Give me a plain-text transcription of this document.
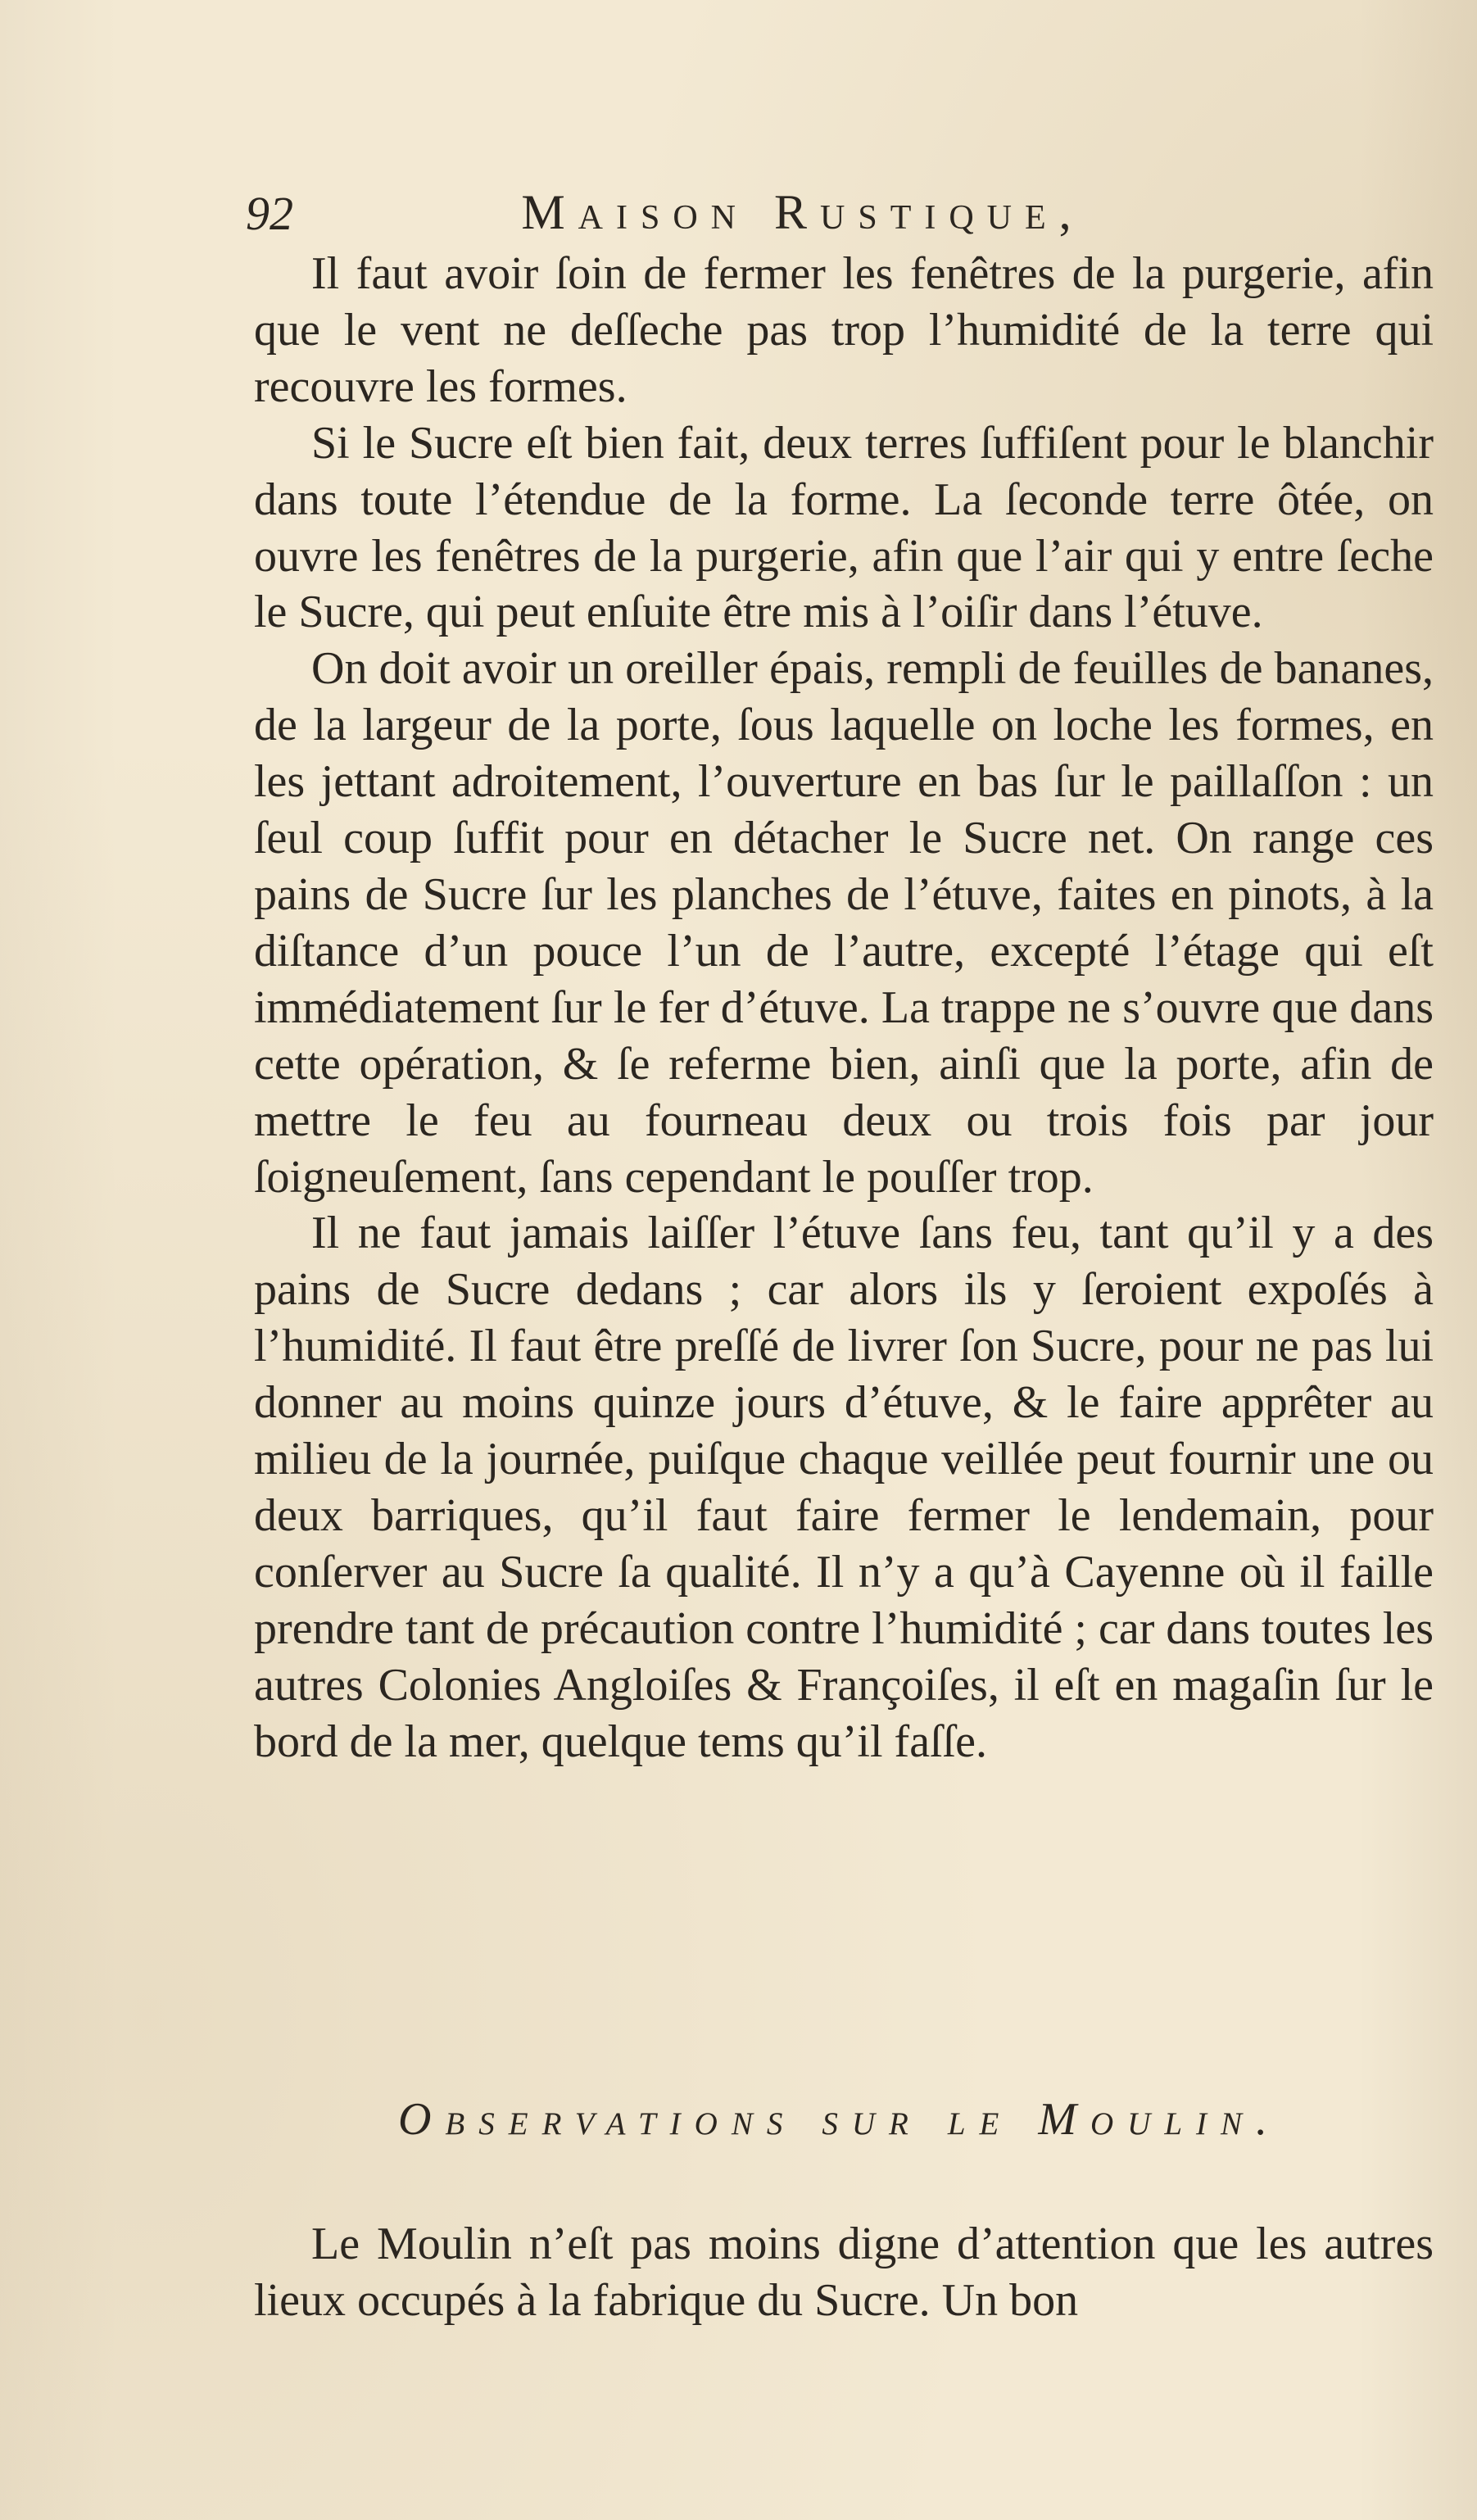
92	Maison Rustique,

Il faut avoir ſoin de fermer les fenêtres de la purgerie, afin que le vent ne deſſeche pas trop l’humidité de la terre qui recouvre les formes.

Si le Sucre eſt bien fait, deux terres ſuffiſent pour le blanchir dans toute l’étendue de la forme. La ſeconde terre ôtée, on ouvre les fenêtres de la purgerie, afin que l’air qui y entre ſeche le Sucre, qui peut enſuite être mis à l’oiſir dans l’étuve.

On doit avoir un oreiller épais, rempli de feuilles de bananes, de la largeur de la porte, ſous laquelle on loche les formes, en les jettant adroitement, l’ouverture en bas ſur le paillaſſon : un ſeul coup ſuffit pour en détacher le Sucre net. On range ces pains de Sucre ſur les planches de l’étuve, faites en pinots, à la diſtance d’un pouce l’un de l’autre, excepté l’étage qui eſt immédiatement ſur le fer d’étuve. La trappe ne s’ouvre que dans cette opération, & ſe referme bien, ainſi que la porte, afin de mettre le feu au fourneau deux ou trois fois par jour ſoigneuſement, ſans cependant le pouſſer trop.

Il ne faut jamais laiſſer l’étuve ſans feu, tant qu’il y a des pains de Sucre dedans ; car alors ils y ſeroient expoſés à l’humidité. Il faut être preſſé de livrer ſon Sucre, pour ne pas lui donner au moins quinze jours d’étuve, & le faire apprêter au milieu de la journée, puiſque chaque veillée peut fournir une ou deux barriques, qu’il faut faire fermer le lendemain, pour conſerver au Sucre ſa qualité. Il n’y a qu’à Cayenne où il faille prendre tant de précaution contre l’humidité ; car dans toutes les autres Colonies Angloiſes & Françoiſes, il eſt en magaſin ſur le bord de la mer, quelque tems qu’il faſſe.

Observations sur le Moulin.

Le Moulin n’eſt pas moins digne d’attention que les autres lieux occupés à la fabrique du Sucre. Un bon
